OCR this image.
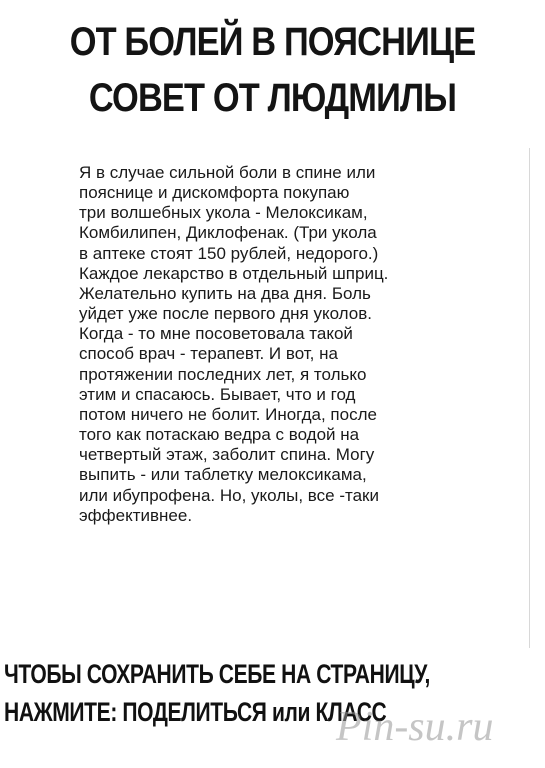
ОТ БОЛЕЙ В ПОЯСНИЦЕ
СОВЕТ ОТ ЛЮДМИЛЫ
Я в случае сильной боли в спине или
пояснице и дискомфорта покупаю
три волшебных укола - Мелоксикам,
Комбилипен, Диклофенак. (Три укола
в аптеке стоят 150 рублей, недорого.)
Каждое лекарство в отдельный шприц.
Желательно купить на два дня. Боль
уйдет уже после первого дня уколов.
Когда - то мне посоветовала такой
способ врач - терапевт. И вот, на
протяжении последних лет, я только
этим и спасаюсь. Бывает, что и год
потом ничего не болит. Иногда, после
того как потаскаю ведра с водой на
четвертый этаж, заболит спина. Могу
выпить - или таблетку мелоксикама,
или ибупрофена. Но, уколы, все -таки
эффективнее.
ЧТОБЫ СОХРАНИТЬ СЕБЕ НА СТРАНИЦУ,
НАЖМИТЕ: ПОДЕЛИТЬСЯ или КЛАСС
Pin-su.ru
